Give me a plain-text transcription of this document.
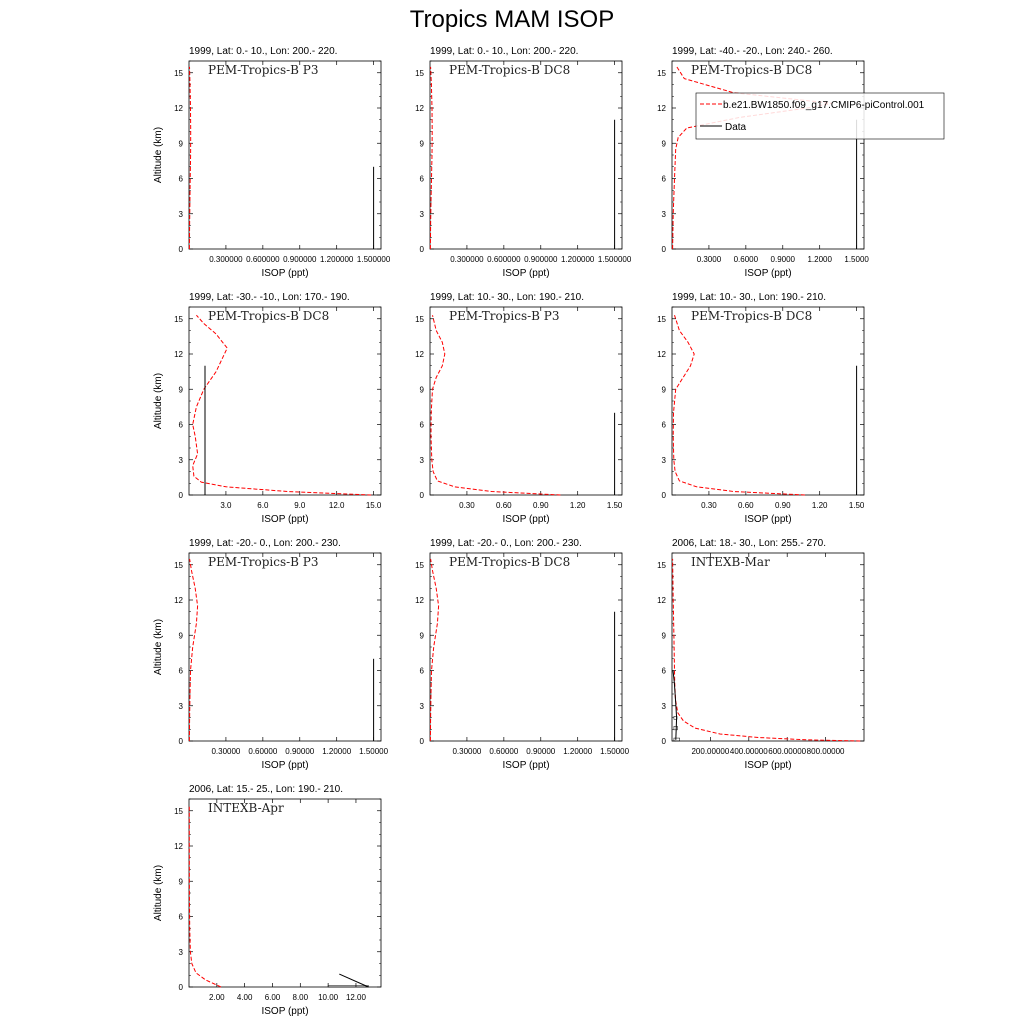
Tropics MAM ISOP
1999, Lat: 0.- 10., Lon: 200.- 220.
PEM-Tropics-B P3
0
3
6
9
12
15
0.300000 0.600000 0.900000 1.200000 1.500000
ISOP (ppt)
Altitude (km)
1999, Lat: 0.- 10., Lon: 200.- 220.
PEM-Tropics-B DC8
0
3
6
9
12
15
0.300000 0.600000 0.900000 1.200000 1.500000
ISOP (ppt)
1999, Lat: -40.- -20., Lon: 240.- 260.
PEM-Tropics-B DC8
0
3
6
9
12
15
0.3000 0.6000 0.9000 1.2000 1.5000
ISOP (ppt)
1999, Lat: -30.- -10., Lon: 170.- 190.
PEM-Tropics-B DC8
0
3
6
9
12
15
3.0	6.0	9.0	12.0	15.0
ISOP (ppt)
Altitude (km)
1999, Lat: 10.- 30., Lon: 190.- 210.
PEM-Tropics-B P3
0
3
6
9
12
15
0.30	0.60	0.90	1.20	1.50
ISOP (ppt)
1999, Lat: 10.- 30., Lon: 190.- 210.
PEM-Tropics-B DC8
0
3
6
9
12
15
0.30	0.60	0.90	1.20	1.50
ISOP (ppt)
1999, Lat: -20.- 0., Lon: 200.- 230.
PEM-Tropics-B P3
0
3
6
9
12
15
0.30000 0.60000 0.90000 1.20000 1.50000
ISOP (ppt)
Altitude (km)
1999, Lat: -20.- 0., Lon: 200.- 230.
PEM-Tropics-B DC8
0
3
6
9
12
15
0.30000 0.60000 0.90000 1.20000 1.50000
ISOP (ppt)
2006, Lat: 18.- 30., Lon: 255.- 270.
INTEXB-Mar
0
3
6
9
12
15
200.00000 400.00000 600.00000 800.00000
ISOP (ppt)
2006, Lat: 15.- 25., Lon: 190.- 210.
INTEXB-Apr
0
3
6
9
12
15
2.00 4.00 6.00 8.00 10.00 12.00
ISOP (ppt)
Altitude (km)
b.e21.BW1850.f09_g17.CMIP6-piControl.001
Data
